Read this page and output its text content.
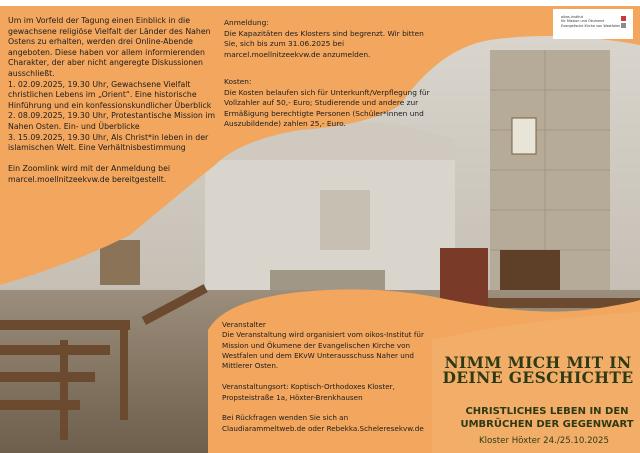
oikos-Institut
für Mission und Ökumene
Evangelische Kirche von Westfalen
Um im Vorfeld der Tagung einen Einblick in die gewachsene religiöse Vielfalt der Länder des Nahen Ostens zu erhalten, werden drei Online-Abende angeboten. Diese haben vor allem informierenden Charakter, der aber nicht angeregte Diskussionen ausschließt.
1. 02.09.2025, 19.30 Uhr, Gewachsene Vielfalt christlichen Lebens im „Orient“. Eine historische Hinführung und ein konfessionskundlicher Überblick
2. 08.09.2025, 19.30 Uhr, Protestantische Mission im Nahen Osten. Ein- und Überblicke
3. 15.09.2025, 19.30 Uhr, Als Christ*in leben in der islamischen Welt. Eine Verhältnisbestimmung

Ein Zoomlink wird mit der Anmeldung bei marcel.moellnitzeekvw.de bereitgestellt.
Anmeldung:
Die Kapazitäten des Klosters sind begrenzt. Wir bitten Sie, sich bis zum 31.06.2025 bei marcel.moellnitzeekvw.de anzumelden.
Kosten:
Die Kosten belaufen sich für Unterkunft/Verpflegung für Vollzahler auf 50,- Euro; Studierende und andere zur Ermäßigung berechtigte Personen (Schüler*innen und Auszubildende) zahlen 25,- Euro.
Veranstalter
Die Veranstaltung wird organisiert vom oikos-Institut für Mission und Ökumene der Evangelischen Kirche von Westfalen und dem EKvW Unterausschuss Naher und Mittlerer Osten.

Veranstaltungsort: Koptisch-Orthodoxes Kloster, Propsteistraße 1a, Höxter-Brenkhausen

Bei Rückfragen wenden Sie sich an Claudiarammeltweb.de oder Rebekka.Scheleresekvw.de
NIMM MICH MIT IN DEINE GESCHICHTE
CHRISTLICHES LEBEN IN DEN UMBRÜCHEN DER GEGENWART
Kloster Höxter 24./25.10.2025
